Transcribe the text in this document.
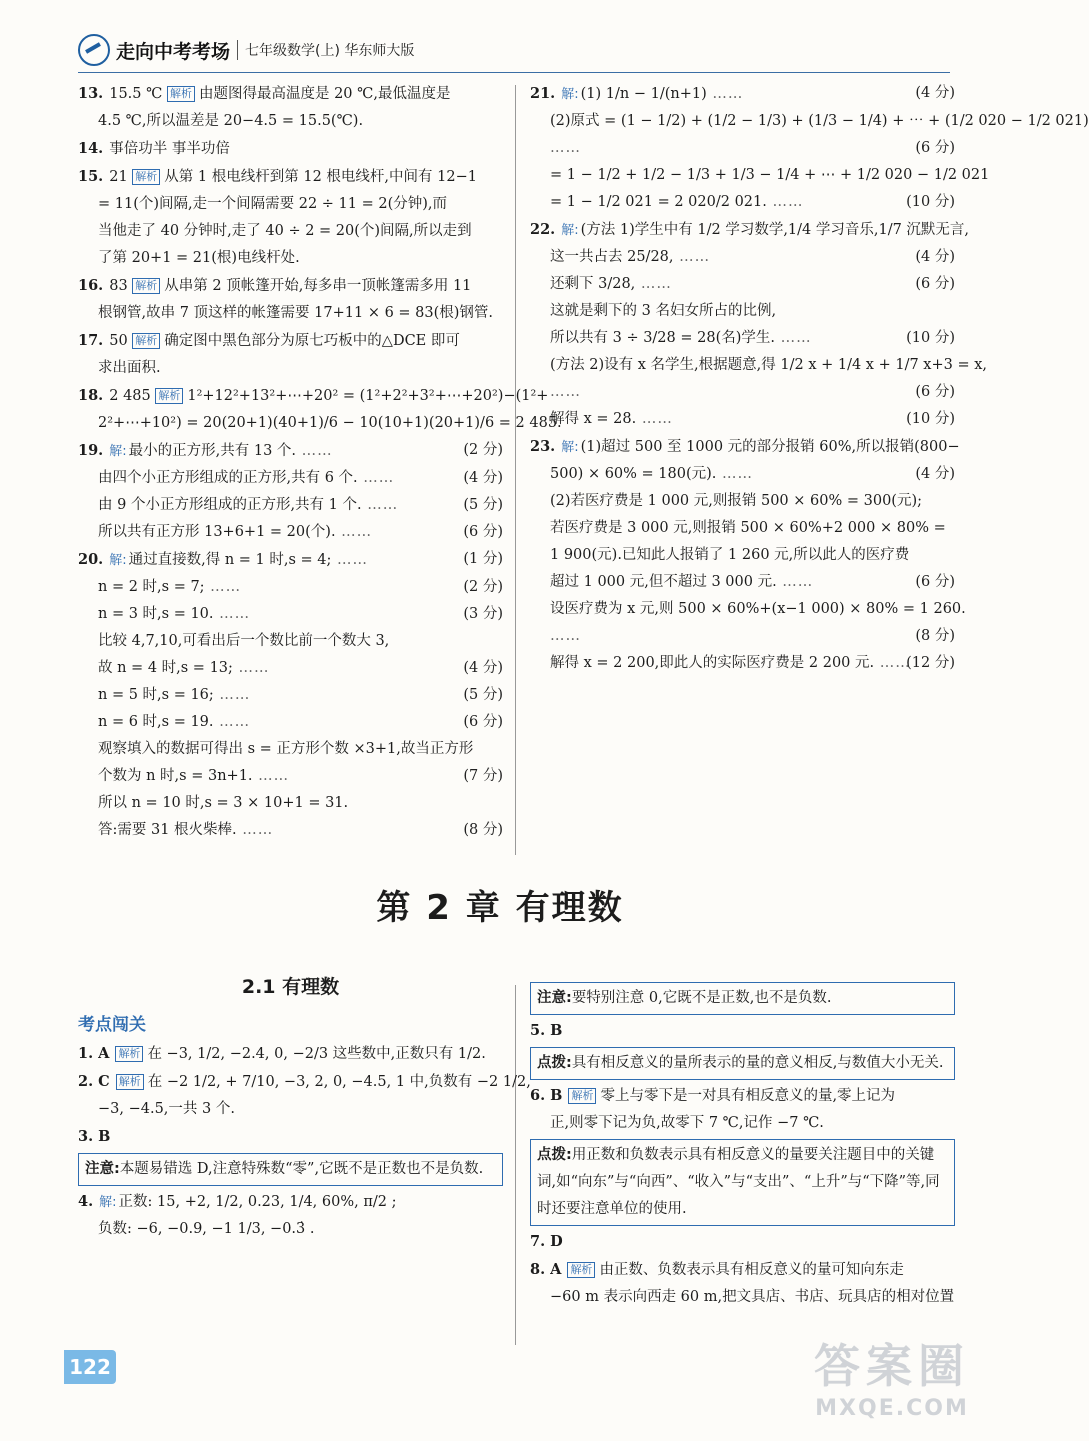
走向中考考场 七年级数学(上) 华东师大版
13. 15.5 ℃ 解析 由题图得最高温度是 20 ℃,最低温度是
4.5 ℃,所以温差是 20−4.5 = 15.5(℃).
14. 事倍功半 事半功倍
15. 21 解析 从第 1 根电线杆到第 12 根电线杆,中间有 12−1
= 11(个)间隔,走一个间隔需要 22 ÷ 11 = 2(分钟),而
当他走了 40 分钟时,走了 40 ÷ 2 = 20(个)间隔,所以走到
了第 20+1 = 21(根)电线杆处.
16. 83 解析 从串第 2 顶帐篷开始,每多串一顶帐篷需多用 11
根钢管,故串 7 顶这样的帐篷需要 17+11 × 6 = 83(根)钢管.
17. 50 解析 确定图中黑色部分为原七巧板中的△DCE 即可
求出面积.
18. 2 485 解析 1²+12²+13²+⋯+20² = (1²+2²+3²+⋯+20²)−(1²+
2²+⋯+10²) = 20(20+1)(40+1)/6 − 10(10+1)(20+1)/6 = 2 485.
(2 分)
19. 解: 最小的正方形,共有 13 个. ……
(4 分)
由四个小正方形组成的正方形,共有 6 个. ……
(5 分)
由 9 个小正方形组成的正方形,共有 1 个. ……
(6 分)
所以共有正方形 13+6+1 = 20(个). ……
(1 分)
20. 解: 通过直接数,得 n = 1 时,s = 4; ……
(2 分)
n = 2 时,s = 7; ……
(3 分)
n = 3 时,s = 10. ……
比较 4,7,10,可看出后一个数比前一个数大 3,
(4 分)
故 n = 4 时,s = 13; ……
(5 分)
n = 5 时,s = 16; ……
(6 分)
n = 6 时,s = 19. ……
观察填入的数据可得出 s = 正方形个数 ×3+1,故当正方形
(7 分)
个数为 n 时,s = 3n+1. ……
所以 n = 10 时,s = 3 × 10+1 = 31.
(8 分)
答:需要 31 根火柴棒. ……
(4 分)
21. 解: (1) 1/n − 1/(n+1) ……
(2)原式 = (1 − 1/2) + (1/2 − 1/3) + (1/3 − 1/4) + ⋯ + (1/2 020 − 1/2 021)
(6 分)
……
= 1 − 1/2 + 1/2 − 1/3 + 1/3 − 1/4 + ⋯ + 1/2 020 − 1/2 021
(10 分)
= 1 − 1/2 021 = 2 020/2 021. ……
22. 解: (方法 1)学生中有 1/2 学习数学,1/4 学习音乐,1/7 沉默无言,
(4 分)
这一共占去 25/28, ……
(6 分)
还剩下 3/28, ……
这就是剩下的 3 名妇女所占的比例,
(10 分)
所以共有 3 ÷ 3/28 = 28(名)学生. ……
(方法 2)设有 x 名学生,根据题意,得 1/2 x + 1/4 x + 1/7 x+3 = x,
(6 分)
……
(10 分)
解得 x = 28. ……
23. 解: (1)超过 500 至 1000 元的部分报销 60%,所以报销(800−
(4 分)
500) × 60% = 180(元). ……
(2)若医疗费是 1 000 元,则报销 500 × 60% = 300(元);
若医疗费是 3 000 元,则报销 500 × 60%+2 000 × 80% =
1 900(元).已知此人报销了 1 260 元,所以此人的医疗费
(6 分)
超过 1 000 元,但不超过 3 000 元. ……
设医疗费为 x 元,则 500 × 60%+(x−1 000) × 80% = 1 260.
(8 分)
……
(12 分)
解得 x = 2 200,即此人的实际医疗费是 2 200 元. ……
第 2 章 有理数
2.1 有理数
考点闯关
1. A 解析 在 −3, 1/2, −2.4, 0, −2/3 这些数中,正数只有 1/2.
2. C 解析 在 −2 1/2, + 7/10, −3, 2, 0, −4.5, 1 中,负数有 −2 1/2,
−3, −4.5,一共 3 个.
3. B
注意:本题易错选 D,注意特殊数“零”,它既不是正数也不是负数.
4. 解: 正数: 15, +2, 1/2, 0.23, 1/4, 60%, π/2 ;
负数: −6, −0.9, −1 1/3, −0.3̇ .
注意:要特别注意 0,它既不是正数,也不是负数.
5. B
点拨:具有相反意义的量所表示的量的意义相反,与数值大小无关.
6. B 解析 零上与零下是一对具有相反意义的量,零上记为
正,则零下记为负,故零下 7 ℃,记作 −7 ℃.
点拨:用正数和负数表示具有相反意义的量要关注题目中的关键词,如“向东”与“向西”、“收入”与“支出”、“上升”与“下降”等,同时还要注意单位的使用.
7. D
8. A 解析 由正数、负数表示具有相反意义的量可知向东走
−60 m 表示向西走 60 m,把文具店、书店、玩具店的相对位置
122	答案圈
MXQE.COM
